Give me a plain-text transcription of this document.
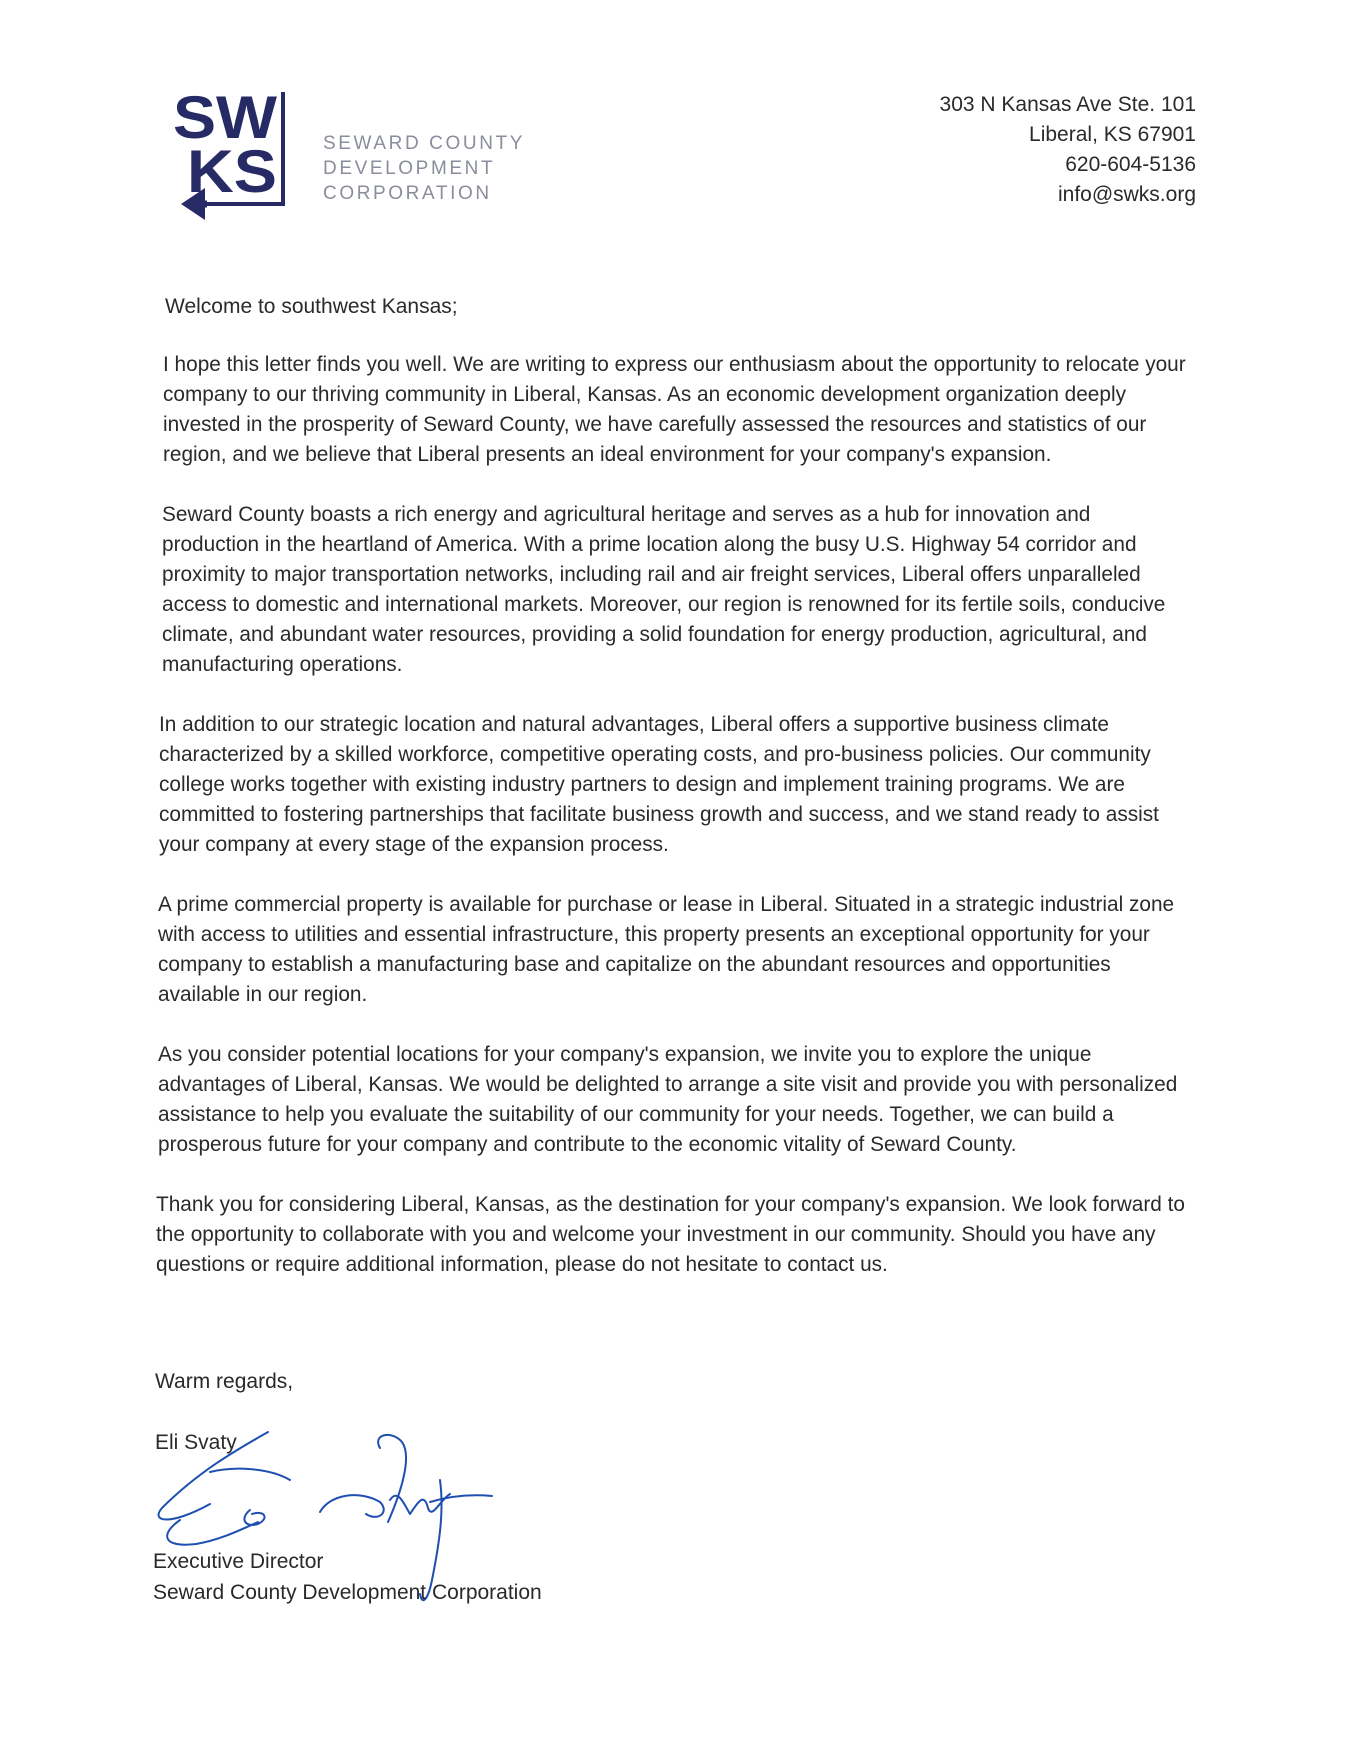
SW
KS SEWARD COUNTY
DEVELOPMENT
CORPORATION
303 N Kansas Ave Ste. 101
Liberal, KS 67901
620-604-5136
info@swks.org
Welcome to southwest Kansas;

I hope this letter finds you well. We are writing to express our enthusiasm about the opportunity to relocate your company to our thriving community in Liberal, Kansas. As an economic development organization deeply invested in the prosperity of Seward County, we have carefully assessed the resources and statistics of our region, and we believe that Liberal presents an ideal environment for your company's expansion.

Seward County boasts a rich energy and agricultural heritage and serves as a hub for innovation and production in the heartland of America. With a prime location along the busy U.S. Highway 54 corridor and proximity to major transportation networks, including rail and air freight services, Liberal offers unparalleled access to domestic and international markets. Moreover, our region is renowned for its fertile soils, conducive climate, and abundant water resources, providing a solid foundation for energy production, agricultural, and manufacturing operations.

In addition to our strategic location and natural advantages, Liberal offers a supportive business climate characterized by a skilled workforce, competitive operating costs, and pro-business policies. Our community college works together with existing industry partners to design and implement training programs. We are committed to fostering partnerships that facilitate business growth and success, and we stand ready to assist your company at every stage of the expansion process.

A prime commercial property is available for purchase or lease in Liberal. Situated in a strategic industrial zone with access to utilities and essential infrastructure, this property presents an exceptional opportunity for your company to establish a manufacturing base and capitalize on the abundant resources and opportunities available in our region.

As you consider potential locations for your company's expansion, we invite you to explore the unique advantages of Liberal, Kansas. We would be delighted to arrange a site visit and provide you with personalized assistance to help you evaluate the suitability of our community for your needs. Together, we can build a prosperous future for your company and contribute to the economic vitality of Seward County.

Thank you for considering Liberal, Kansas, as the destination for your company's expansion. We look forward to the opportunity to collaborate with you and welcome your investment in our community. Should you have any questions or require additional information, please do not hesitate to contact us.

Warm regards,
Eli Svaty
Executive Director
Seward County Development Corporation
